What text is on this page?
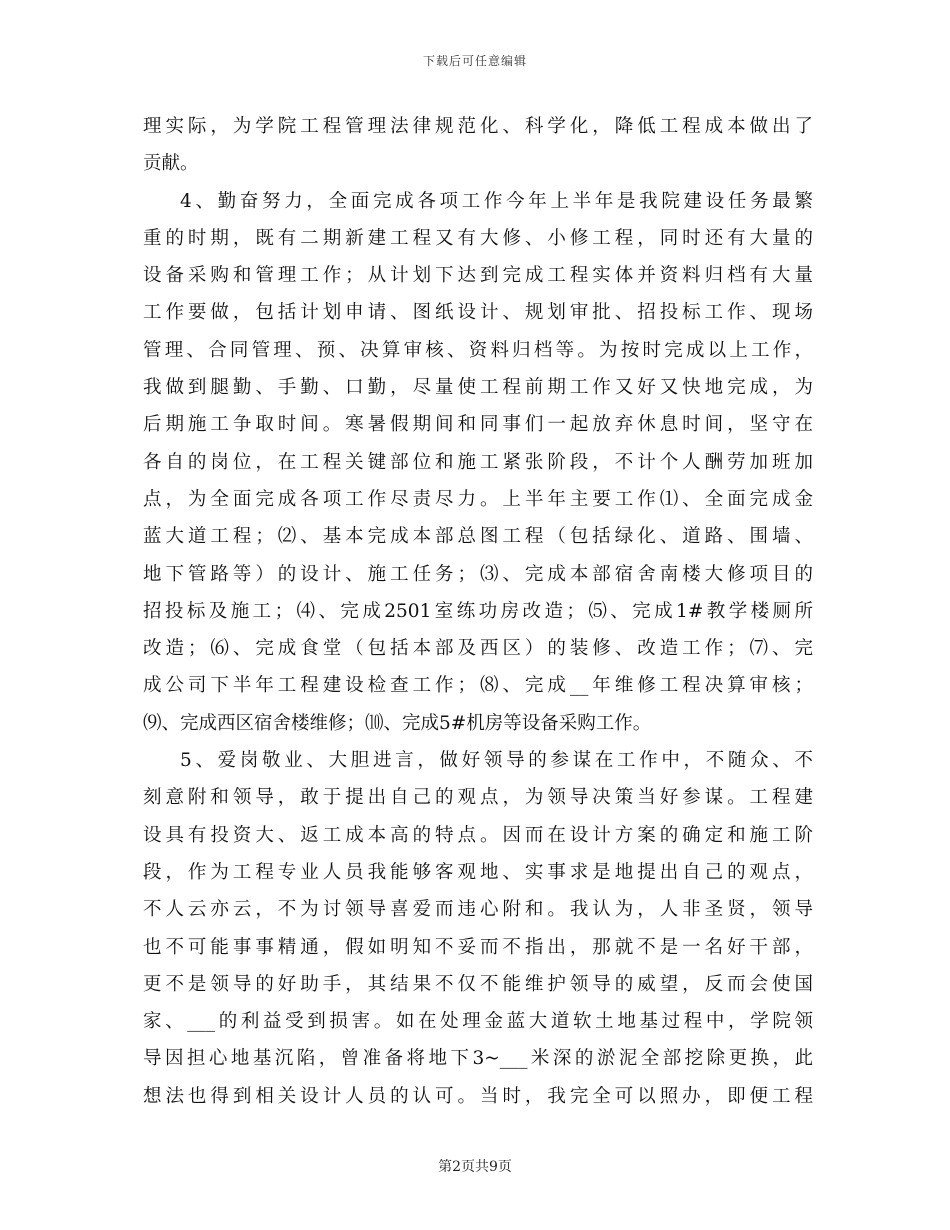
下载后可任意编辑
理实际，为学院工程管理法律规范化、科学化，降低工程成本做出了
贡献。
4、勤奋努力，全面完成各项工作今年上半年是我院建设任务最繁
重的时期，既有二期新建工程又有大修、小修工程，同时还有大量的
设备采购和管理工作；从计划下达到完成工程实体并资料归档有大量
工作要做，包括计划申请、图纸设计、规划审批、招投标工作、现场
管理、合同管理、预、决算审核、资料归档等。为按时完成以上工作，
我做到腿勤、手勤、口勤，尽量使工程前期工作又好又快地完成，为
后期施工争取时间。寒暑假期间和同事们一起放弃休息时间，坚守在
各自的岗位，在工程关键部位和施工紧张阶段，不计个人酬劳加班加
点，为全面完成各项工作尽责尽力。上半年主要工作⑴、全面完成金
蓝大道工程；⑵、基本完成本部总图工程（包括绿化、道路、围墙、
地下管路等）的设计、施工任务；⑶、完成本部宿舍南楼大修项目的
招投标及施工；⑷、完成2501室练功房改造；⑸、完成1#教学楼厕所
改造；⑹、完成食堂（包括本部及西区）的装修、改造工作；⑺、完
成公司下半年工程建设检查工作；⑻、完成__年维修工程决算审核；
⑼、完成西区宿舍楼维修；⑽、完成5#机房等设备采购工作。
5、爱岗敬业、大胆进言，做好领导的参谋在工作中，不随众、不
刻意附和领导，敢于提出自己的观点，为领导决策当好参谋。工程建
设具有投资大、返工成本高的特点。因而在设计方案的确定和施工阶
段，作为工程专业人员我能够客观地、实事求是地提出自己的观点，
不人云亦云，不为讨领导喜爱而违心附和。我认为，人非圣贤，领导
也不可能事事精通，假如明知不妥而不指出，那就不是一名好干部，
更不是领导的好助手，其结果不仅不能维护领导的威望，反而会使国
家、___的利益受到损害。如在处理金蓝大道软土地基过程中，学院领
导因担心地基沉陷，曾准备将地下3~___米深的淤泥全部挖除更换，此
想法也得到相关设计人员的认可。当时，我完全可以照办，即便工程
第2页共9页
